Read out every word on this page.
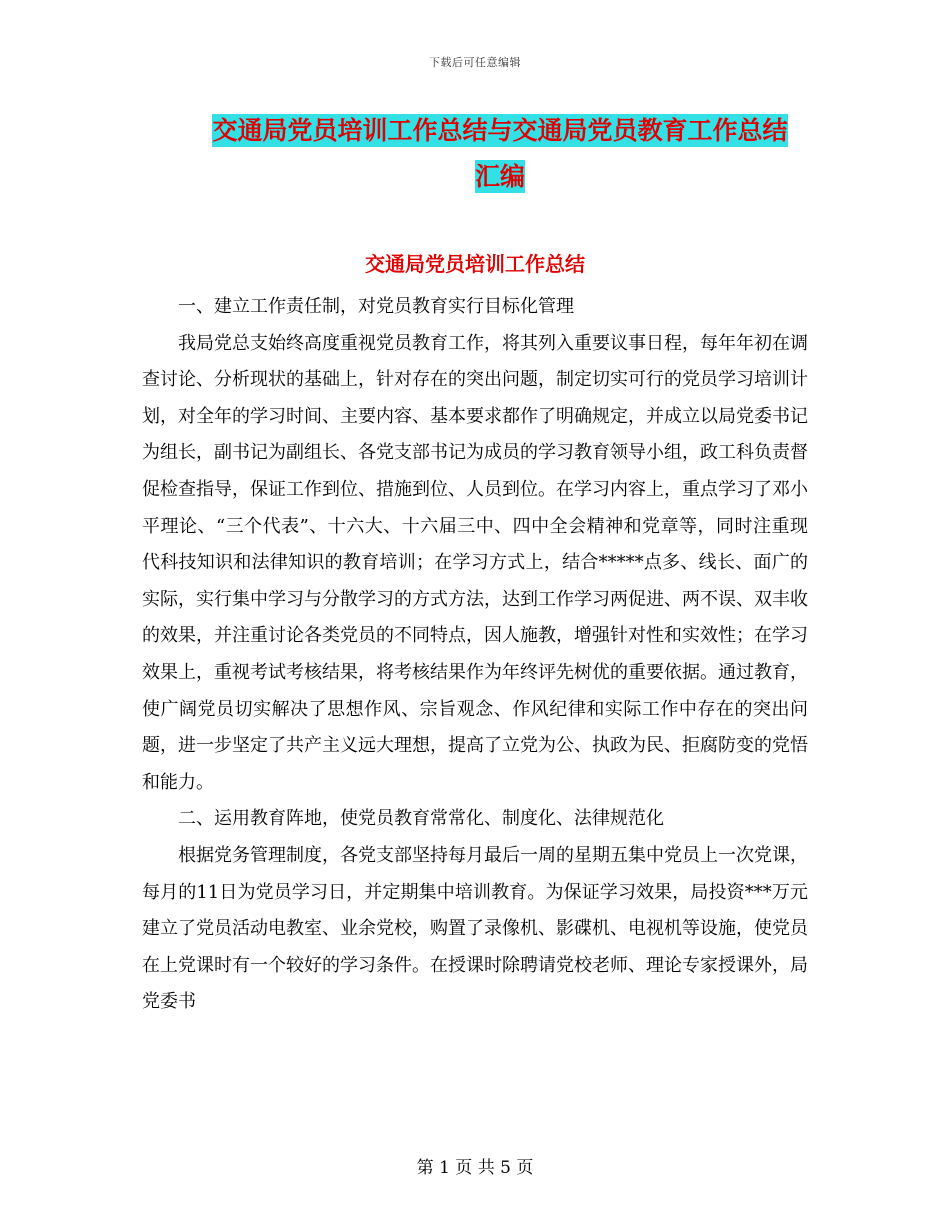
下载后可任意编辑
交通局党员培训工作总结与交通局党员教育工作总结
汇编
交通局党员培训工作总结

一、建立工作责任制，对党员教育实行目标化管理

我局党总支始终高度重视党员教育工作，将其列入重要议事日程，每年年初在调查讨论、分析现状的基础上，针对存在的突出问题，制定切实可行的党员学习培训计划，对全年的学习时间、主要内容、基本要求都作了明确规定，并成立以局党委书记为组长，副书记为副组长、各党支部书记为成员的学习教育领导小组，政工科负责督促检查指导，保证工作到位、措施到位、人员到位。在学习内容上，重点学习了邓小平理论、“三个代表”、十六大、十六届三中、四中全会精神和党章等，同时注重现代科技知识和法律知识的教育培训；在学习方式上，结合*****点多、线长、面广的实际，实行集中学习与分散学习的方式方法，达到工作学习两促进、两不误、双丰收的效果，并注重讨论各类党员的不同特点，因人施教，增强针对性和实效性；在学习效果上，重视考试考核结果，将考核结果作为年终评先树优的重要依据。通过教育，使广阔党员切实解决了思想作风、宗旨观念、作风纪律和实际工作中存在的突出问题，进一步坚定了共产主义远大理想，提高了立党为公、执政为民、拒腐防变的党悟和能力。

二、运用教育阵地，使党员教育常常化、制度化、法律规范化

根据党务管理制度，各党支部坚持每月最后一周的星期五集中党员上一次党课，每月的11日为党员学习日，并定期集中培训教育。为保证学习效果，局投资***万元建立了党员活动电教室、业余党校，购置了录像机、影碟机、电视机等设施，使党员在上党课时有一个较好的学习条件。在授课时除聘请党校老师、理论专家授课外，局党委书

第 1 页 共 5 页
